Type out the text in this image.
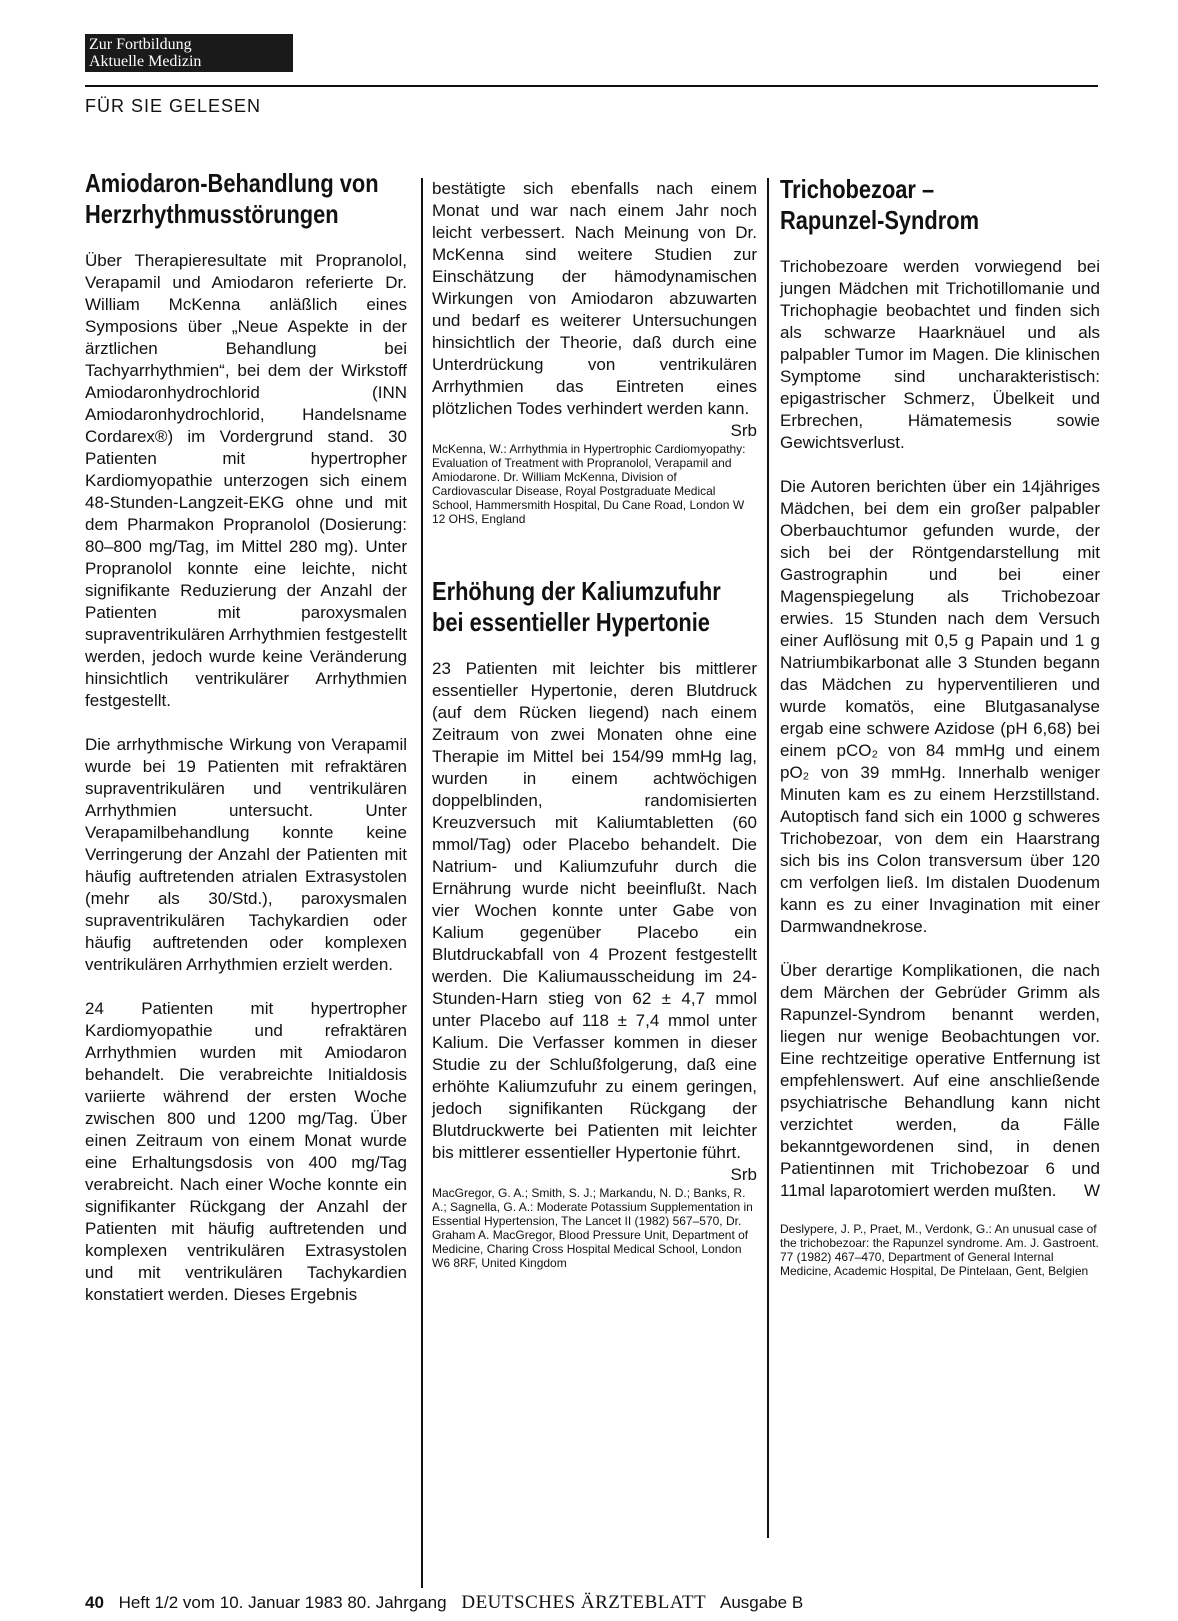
Zur Fortbildung
Aktuelle Medizin
FÜR SIE GELESEN
Amiodaron-Behandlung von Herzrhythmusstörungen

Über Therapieresultate mit Propranolol, Verapamil und Amiodaron referierte Dr. William McKenna anläßlich eines Symposions über „Neue Aspekte in der ärztlichen Behandlung bei Tachyarrhythmien“, bei dem der Wirkstoff Amiodaronhydrochlorid (INN Amiodaronhydrochlorid, Handelsname Cordarex®) im Vordergrund stand. 30 Patienten mit hypertropher Kardiomyopathie unterzogen sich einem 48-Stunden-Langzeit-EKG ohne und mit dem Pharmakon Propranolol (Dosierung: 80–800 mg/Tag, im Mittel 280 mg). Unter Propranolol konnte eine leichte, nicht signifikante Reduzierung der Anzahl der Patienten mit paroxysmalen supraventrikulären Arrhythmien festgestellt werden, jedoch wurde keine Veränderung hinsichtlich ventrikulärer Arrhythmien festgestellt.

Die arrhythmische Wirkung von Verapamil wurde bei 19 Patienten mit refraktären supraventrikulären und ventrikulären Arrhythmien untersucht. Unter Verapamilbehandlung konnte keine Verringerung der Anzahl der Patienten mit häufig auftretenden atrialen Extrasystolen (mehr als 30/Std.), paroxysmalen supraventrikulären Tachykardien oder häufig auftretenden oder komplexen ventrikulären Arrhythmien erzielt werden.

24 Patienten mit hypertropher Kardiomyopathie und refraktären Arrhythmien wurden mit Amiodaron behandelt. Die verabreichte Initialdosis variierte während der ersten Woche zwischen 800 und 1200 mg/Tag. Über einen Zeitraum von einem Monat wurde eine Erhaltungsdosis von 400 mg/Tag verabreicht. Nach einer Woche konnte ein signifikanter Rückgang der Anzahl der Patienten mit häufig auftretenden und komplexen ventrikulären Extrasystolen und mit ventrikulären Tachykardien konstatiert werden. Dieses Ergebnis

bestätigte sich ebenfalls nach einem Monat und war nach einem Jahr noch leicht verbessert. Nach Meinung von Dr. McKenna sind weitere Studien zur Einschätzung der hämodynamischen Wirkungen von Amiodaron abzuwarten und bedarf es weiterer Untersuchungen hinsichtlich der Theorie, daß durch eine Unterdrückung von ventrikulären Arrhythmien das Eintreten eines plötzlichen Todes verhindert werden kann.
Srb

McKenna, W.: Arrhythmia in Hypertrophic Cardiomyopathy: Evaluation of Treatment with Propranolol, Verapamil and Amiodarone. Dr. William McKenna, Division of Cardiovascular Disease, Royal Postgraduate Medical School, Hammersmith Hospital, Du Cane Road, London W 12 OHS, England

Erhöhung der Kaliumzufuhr bei essentieller Hypertonie

23 Patienten mit leichter bis mittlerer essentieller Hypertonie, deren Blutdruck (auf dem Rücken liegend) nach einem Zeitraum von zwei Monaten ohne eine Therapie im Mittel bei 154/99 mmHg lag, wurden in einem achtwöchigen doppelblinden, randomisierten Kreuzversuch mit Kaliumtabletten (60 mmol/Tag) oder Placebo behandelt. Die Natrium- und Kaliumzufuhr durch die Ernährung wurde nicht beeinflußt. Nach vier Wochen konnte unter Gabe von Kalium gegenüber Placebo ein Blutdruckabfall von 4 Prozent festgestellt werden. Die Kaliumausscheidung im 24-Stunden-Harn stieg von 62 ± 4,7 mmol unter Placebo auf 118 ± 7,4 mmol unter Kalium. Die Verfasser kommen in dieser Studie zu der Schlußfolgerung, daß eine erhöhte Kaliumzufuhr zu einem geringen, jedoch signifikanten Rückgang der Blutdruckwerte bei Patienten mit leichter bis mittlerer essentieller Hypertonie führt.
Srb

MacGregor, G. A.; Smith, S. J.; Markandu, N. D.; Banks, R. A.; Sagnella, G. A.: Moderate Potassium Supplementation in Essential Hypertension, The Lancet II (1982) 567–570, Dr. Graham A. MacGregor, Blood Pressure Unit, Department of Medicine, Charing Cross Hospital Medical School, London W6 8RF, United Kingdom

Trichobezoar –
Rapunzel-Syndrom

Trichobezoare werden vorwiegend bei jungen Mädchen mit Trichotillomanie und Trichophagie beobachtet und finden sich als schwarze Haarknäuel und als palpabler Tumor im Magen. Die klinischen Symptome sind uncharakteristisch: epigastrischer Schmerz, Übelkeit und Erbrechen, Hämatemesis sowie Gewichtsverlust.

Die Autoren berichten über ein 14jähriges Mädchen, bei dem ein großer palpabler Oberbauchtumor gefunden wurde, der sich bei der Röntgendarstellung mit Gastrographin und bei einer Magenspiegelung als Trichobezoar erwies. 15 Stunden nach dem Versuch einer Auflösung mit 0,5 g Papain und 1 g Natriumbikarbonat alle 3 Stunden begann das Mädchen zu hyperventilieren und wurde komatös, eine Blutgasanalyse ergab eine schwere Azidose (pH 6,68) bei einem pCO₂ von 84 mmHg und einem pO₂ von 39 mmHg. Innerhalb weniger Minuten kam es zu einem Herzstillstand. Autoptisch fand sich ein 1000 g schweres Trichobezoar, von dem ein Haarstrang sich bis ins Colon transversum über 120 cm verfolgen ließ. Im distalen Duodenum kann es zu einer Invagination mit einer Darmwandnekrose.

Über derartige Komplikationen, die nach dem Märchen der Gebrüder Grimm als Rapunzel-Syndrom benannt werden, liegen nur wenige Beobachtungen vor. Eine rechtzeitige operative Entfernung ist empfehlenswert. Auf eine anschließende psychiatrische Behandlung kann nicht verzichtet werden, da Fälle bekanntgewordenen sind, in denen Patientinnen mit Trichobezoar 6 und 11mal laparotomiert werden mußten. W

Deslypere, J. P., Praet, M., Verdonk, G.: An unusual case of the trichobezoar: the Rapunzel syndrome. Am. J. Gastroent. 77 (1982) 467–470, Department of General Internal Medicine, Academic Hospital, De Pintelaan, Gent, Belgien

40 Heft 1/2 vom 10. Januar 1983 80. Jahrgang DEUTSCHES ÄRZTEBLATT Ausgabe B
